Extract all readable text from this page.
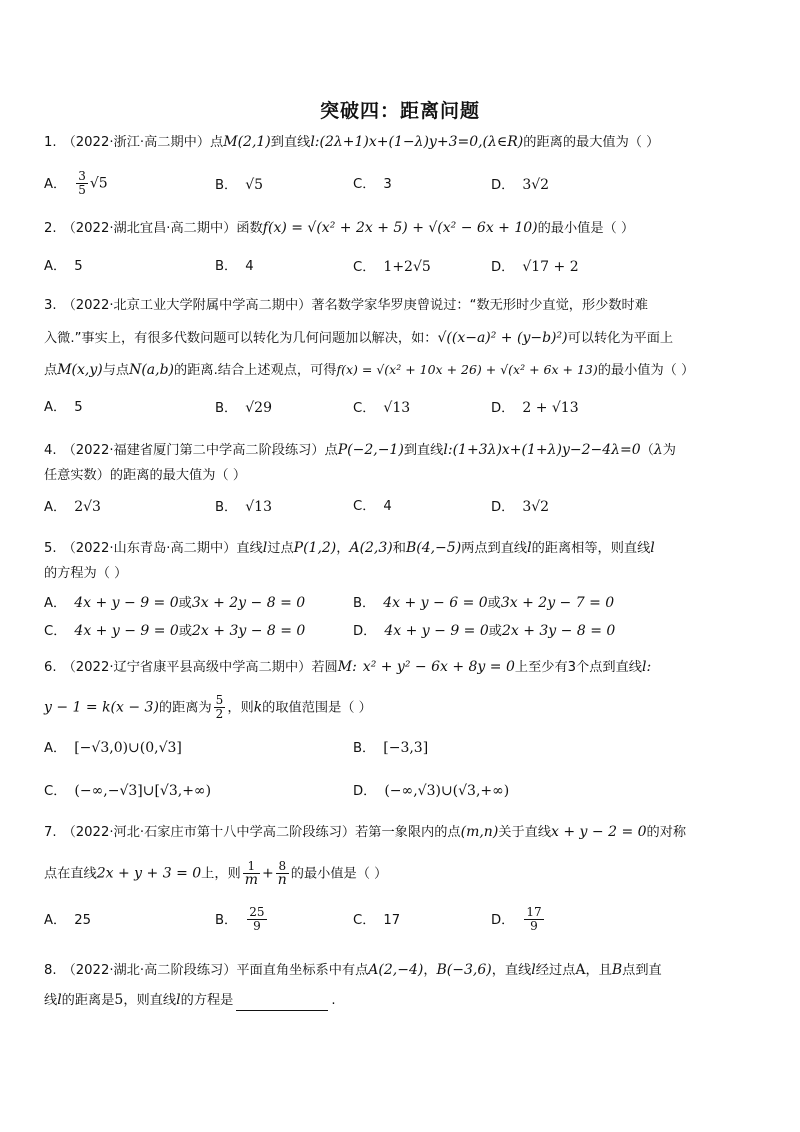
突破四：距离问题
1. （2022·浙江·高二期中）点M(2,1)到直线l:(2λ+1)x+(1−λ)y+3=0,(λ∈R)的距离的最大值为（ ）
A． $\frac{3}{5} √5$	B． √5	C． 3	D． 3√2
2. （2022·湖北宜昌·高二期中）函数f(x) = √(x² + 2x + 5) + √(x² − 6x + 10)的最小值是（ ）
A． 5	B． 4	C． 1+2√5	D． √17 + 2
3. （2022·北京工业大学附属中学高二期中）著名数学家华罗庚曾说过：“数无形时少直觉，形少数时难
入微.”事实上，有很多代数问题可以转化为几何问题加以解决，如：√((x−a)² + (y−b)²)可以转化为平面上
点M(x,y)与点N(a,b)的距离.结合上述观点，可得f(x) = √(x² + 10x + 26) + √(x² + 6x + 13)的最小值为（ ）
A． 5	B． √29	C． √13	D． 2 + √13
4. （2022·福建省厦门第二中学高二阶段练习）点P(−2,−1)到直线l:(1+3λ)x+(1+λ)y−2−4λ=0（λ为
任意实数）的距离的最大值为（ ）
A． 2√3	B． √13	C． 4	D． 3√2
5. （2022·山东青岛·高二期中）直线l过点P(1,2)，A(2,3)和B(4,−5)两点到直线l的距离相等，则直线l
的方程为（ ）
A． 4x + y − 9 = 0或3x + 2y − 8 = 0	B． 4x + y − 6 = 0或3x + 2y − 7 = 0
C． 4x + y − 9 = 0或2x + 3y − 8 = 0	D． 4x + y − 9 = 0或2x + 3y − 8 = 0
6. （2022·辽宁省康平县高级中学高二期中）若圆M: x² + y² − 6x + 8y = 0上至少有3个点到直线l:
y − 1 = k(x − 3)的距离为 $\frac{5}{2}$ ，则k的取值范围是（ ）
A． [−√3,0)∪(0,√3]	B． [−3,3]
C． (−∞,−√3]∪[√3,+∞)	D． (−∞,√3)∪(√3,+∞)
7. （2022·河北·石家庄市第十八中学高二阶段练习）若第一象限内的点(m,n)关于直线x + y − 2 = 0的对称
点在直线2x + y + 3 = 0上，则 $\frac{1}{m} + \frac{8}{n}$ 的最小值是（ ）
A． 25	B． $\frac{25}{9}$	C． 17	D． $\frac{17}{9}$
8. （2022·湖北·高二阶段练习）平面直角坐标系中有点A(2,−4)，B(−3,6)，直线l经过点A，且B点到直
线l的距离是5，则直线l的方程是	.
